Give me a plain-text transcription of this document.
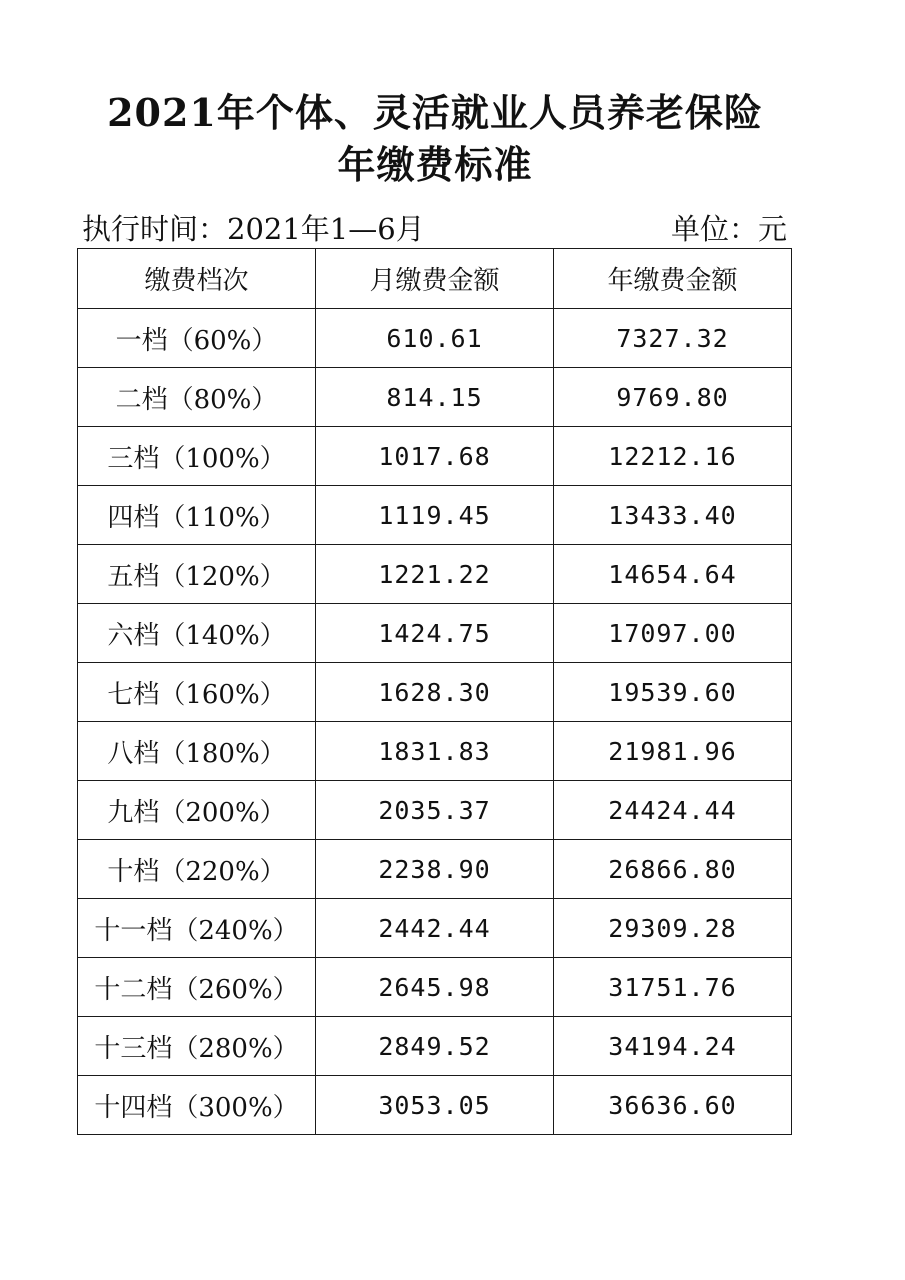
2021年个体、灵活就业人员养老保险
年缴费标准
执行时间：2021年1—6月	单位：元
缴费档次	月缴费金额	年缴费金额
一档（60%）	610.61	7327.32
二档（80%）	814.15	9769.80
三档（100%）	1017.68	12212.16
四档（110%）	1119.45	13433.40
五档（120%）	1221.22	14654.64
六档（140%）	1424.75	17097.00
七档（160%）	1628.30	19539.60
八档（180%）	1831.83	21981.96
九档（200%）	2035.37	24424.44
十档（220%）	2238.90	26866.80
十一档（240%）	2442.44	29309.28
十二档（260%）	2645.98	31751.76
十三档（280%）	2849.52	34194.24
十四档（300%）	3053.05	36636.60
